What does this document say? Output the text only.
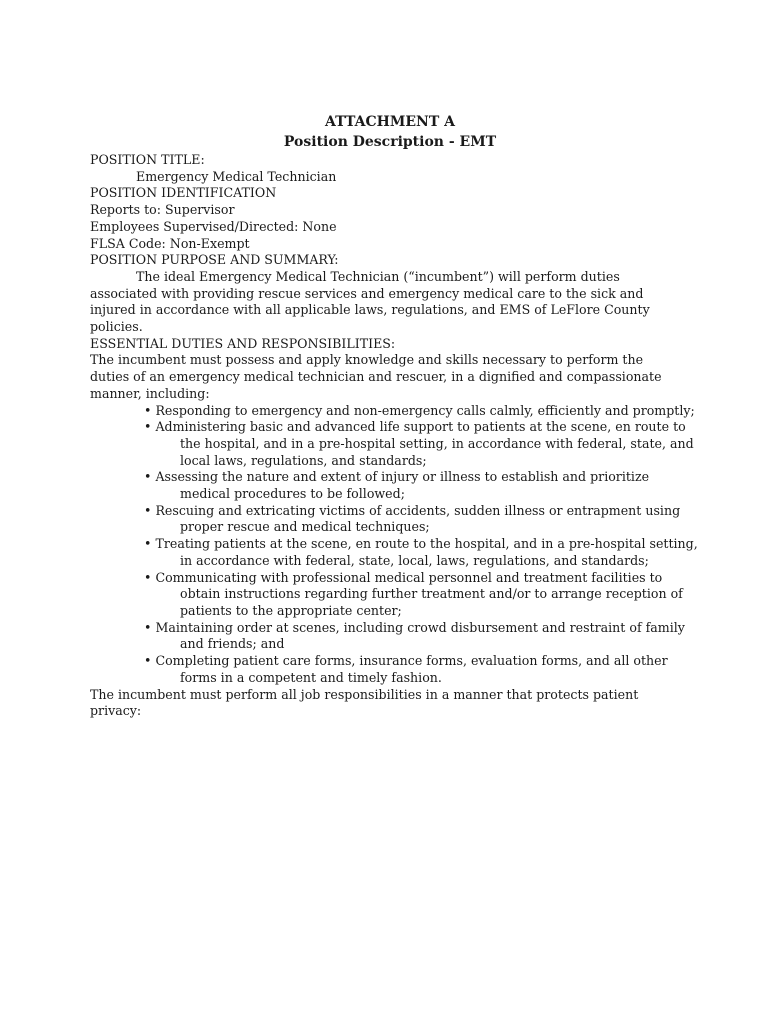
ATTACHMENT A
Position Description - EMT
POSITION TITLE:
Emergency Medical Technician
POSITION IDENTIFICATION
Reports to: Supervisor
Employees Supervised/Directed: None
FLSA Code: Non-Exempt
POSITION PURPOSE AND SUMMARY:
The ideal Emergency Medical Technician (“incumbent”) will perform duties
associated with providing rescue services and emergency medical care to the sick and
injured in accordance with all applicable laws, regulations, and EMS of LeFlore County
policies.
ESSENTIAL DUTIES AND RESPONSIBILITIES:
The incumbent must possess and apply knowledge and skills necessary to perform the
duties of an emergency medical technician and rescuer, in a dignified and compassionate
manner, including:
• Responding to emergency and non-emergency calls calmly, efficiently and promptly;
• Administering basic and advanced life support to patients at the scene, en route to the hospital, and in a pre-hospital setting, in accordance with federal, state, and local laws, regulations, and standards;
• Assessing the nature and extent of injury or illness to establish and prioritize medical procedures to be followed;
• Rescuing and extricating victims of accidents, sudden illness or entrapment using proper rescue and medical techniques;
• Treating patients at the scene, en route to the hospital, and in a pre-hospital setting, in accordance with federal, state, local, laws, regulations, and standards;
• Communicating with professional medical personnel and treatment facilities to obtain instructions regarding further treatment and/or to arrange reception of patients to the appropriate center;
• Maintaining order at scenes, including crowd disbursement and restraint of family and friends; and
• Completing patient care forms, insurance forms, evaluation forms, and all other forms in a competent and timely fashion.
The incumbent must perform all job responsibilities in a manner that protects patient
privacy:
